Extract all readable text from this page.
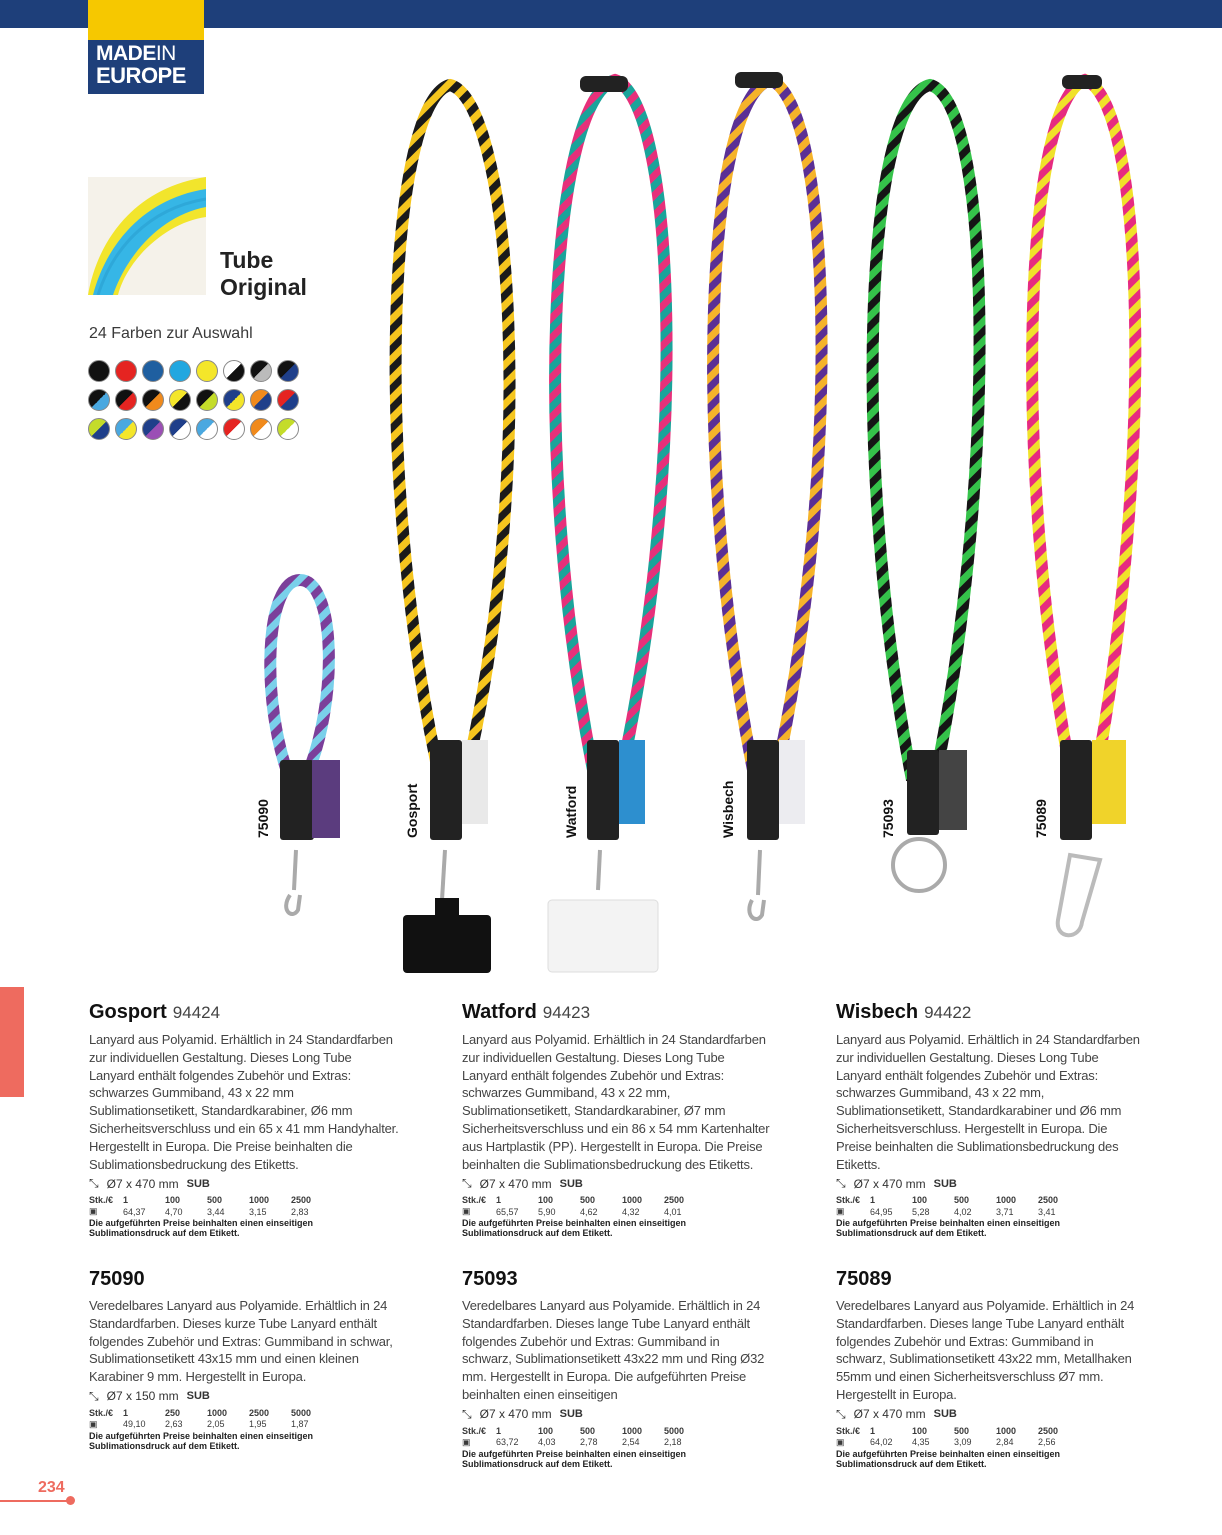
MADEIN
EUROPE
Tube
Original
24 Farben zur Auswahl
75090	Gosport	Watford	Wisbech	75093	75089
Gosport 94424
Lanyard aus Polyamid. Erhältlich in 24 Standardfarben zur individuellen Gestaltung. Dieses Long Tube Lanyard enthält folgendes Zubehör und Extras: schwarzes Gummiband, 43 x 22 mm Sublimationsetikett, Standardkarabiner, Ø6 mm Sicherheitsverschluss und ein 65 x 41 mm Handyhalter. Hergestellt in Europa. Die Preise beinhalten die Sublimationsbedruckung des Etiketts.
⤡ Ø7 x 470 mm SUB
Stk./€	1	100	500	1000	2500
▣	64,37	4,70	3,44	3,15	2,83
Die aufgeführten Preise beinhalten einen einseitigen Sublimationsdruck auf dem Etikett.
Watford 94423
Lanyard aus Polyamid. Erhältlich in 24 Standardfarben zur individuellen Gestaltung. Dieses Long Tube Lanyard enthält folgendes Zubehör und Extras: schwarzes Gummiband, 43 x 22 mm, Sublimationsetikett, Standardkarabiner, Ø7 mm Sicherheitsverschluss und ein 86 x 54 mm Kartenhalter aus Hartplastik (PP). Hergestellt in Europa. Die Preise beinhalten die Sublimationsbedruckung des Etiketts.
⤡ Ø7 x 470 mm SUB
Stk./€	1	100	500	1000	2500
▣	65,57	5,90	4,62	4,32	4,01
Die aufgeführten Preise beinhalten einen einseitigen Sublimationsdruck auf dem Etikett.
Wisbech 94422
Lanyard aus Polyamid. Erhältlich in 24 Standardfarben zur individuellen Gestaltung. Dieses Long Tube Lanyard enthält folgendes Zubehör und Extras: schwarzes Gummiband, 43 x 22 mm, Sublimationsetikett, Standardkarabiner und Ø6 mm Sicherheitsverschluss. Hergestellt in Europa. Die Preise beinhalten die Sublimationsbedruckung des Etiketts.
⤡ Ø7 x 470 mm SUB
Stk./€	1	100	500	1000	2500
▣	64,95	5,28	4,02	3,71	3,41
Die aufgeführten Preise beinhalten einen einseitigen Sublimationsdruck auf dem Etikett.
75090
Veredelbares Lanyard aus Polyamide. Erhältlich in 24 Standardfarben. Dieses kurze Tube Lanyard enthält folgendes Zubehör und Extras: Gummiband in schwar, Sublimationsetikett 43x15 mm und einen kleinen Karabiner 9 mm. Hergestellt in Europa.
⤡ Ø7 x 150 mm SUB
Stk./€	1	250	1000	2500	5000
▣	49,10	2,63	2,05	1,95	1,87
Die aufgeführten Preise beinhalten einen einseitigen Sublimationsdruck auf dem Etikett.
75093
Veredelbares Lanyard aus Polyamide. Erhältlich in 24 Standardfarben. Dieses lange Tube Lanyard enthält folgendes Zubehör und Extras: Gummiband in schwarz, Sublimationsetikett 43x22 mm und Ring Ø32 mm. Hergestellt in Europa. Die aufgeführten Preise beinhalten einen einseitigen
⤡ Ø7 x 470 mm SUB
Stk./€	1	100	500	1000	5000
▣	63,72	4,03	2,78	2,54	2,18
Die aufgeführten Preise beinhalten einen einseitigen Sublimationsdruck auf dem Etikett.
75089
Veredelbares Lanyard aus Polyamide. Erhältlich in 24 Standardfarben. Dieses lange Tube Lanyard enthält folgendes Zubehör und Extras: Gummiband in schwarz, Sublimationsetikett 43x22 mm, Metallhaken 55mm und einen Sicherheitsverschluss Ø7 mm. Hergestellt in Europa.
⤡ Ø7 x 470 mm SUB
Stk./€	1	100	500	1000	2500
▣	64,02	4,35	3,09	2,84	2,56
Die aufgeführten Preise beinhalten einen einseitigen Sublimationsdruck auf dem Etikett.
234
